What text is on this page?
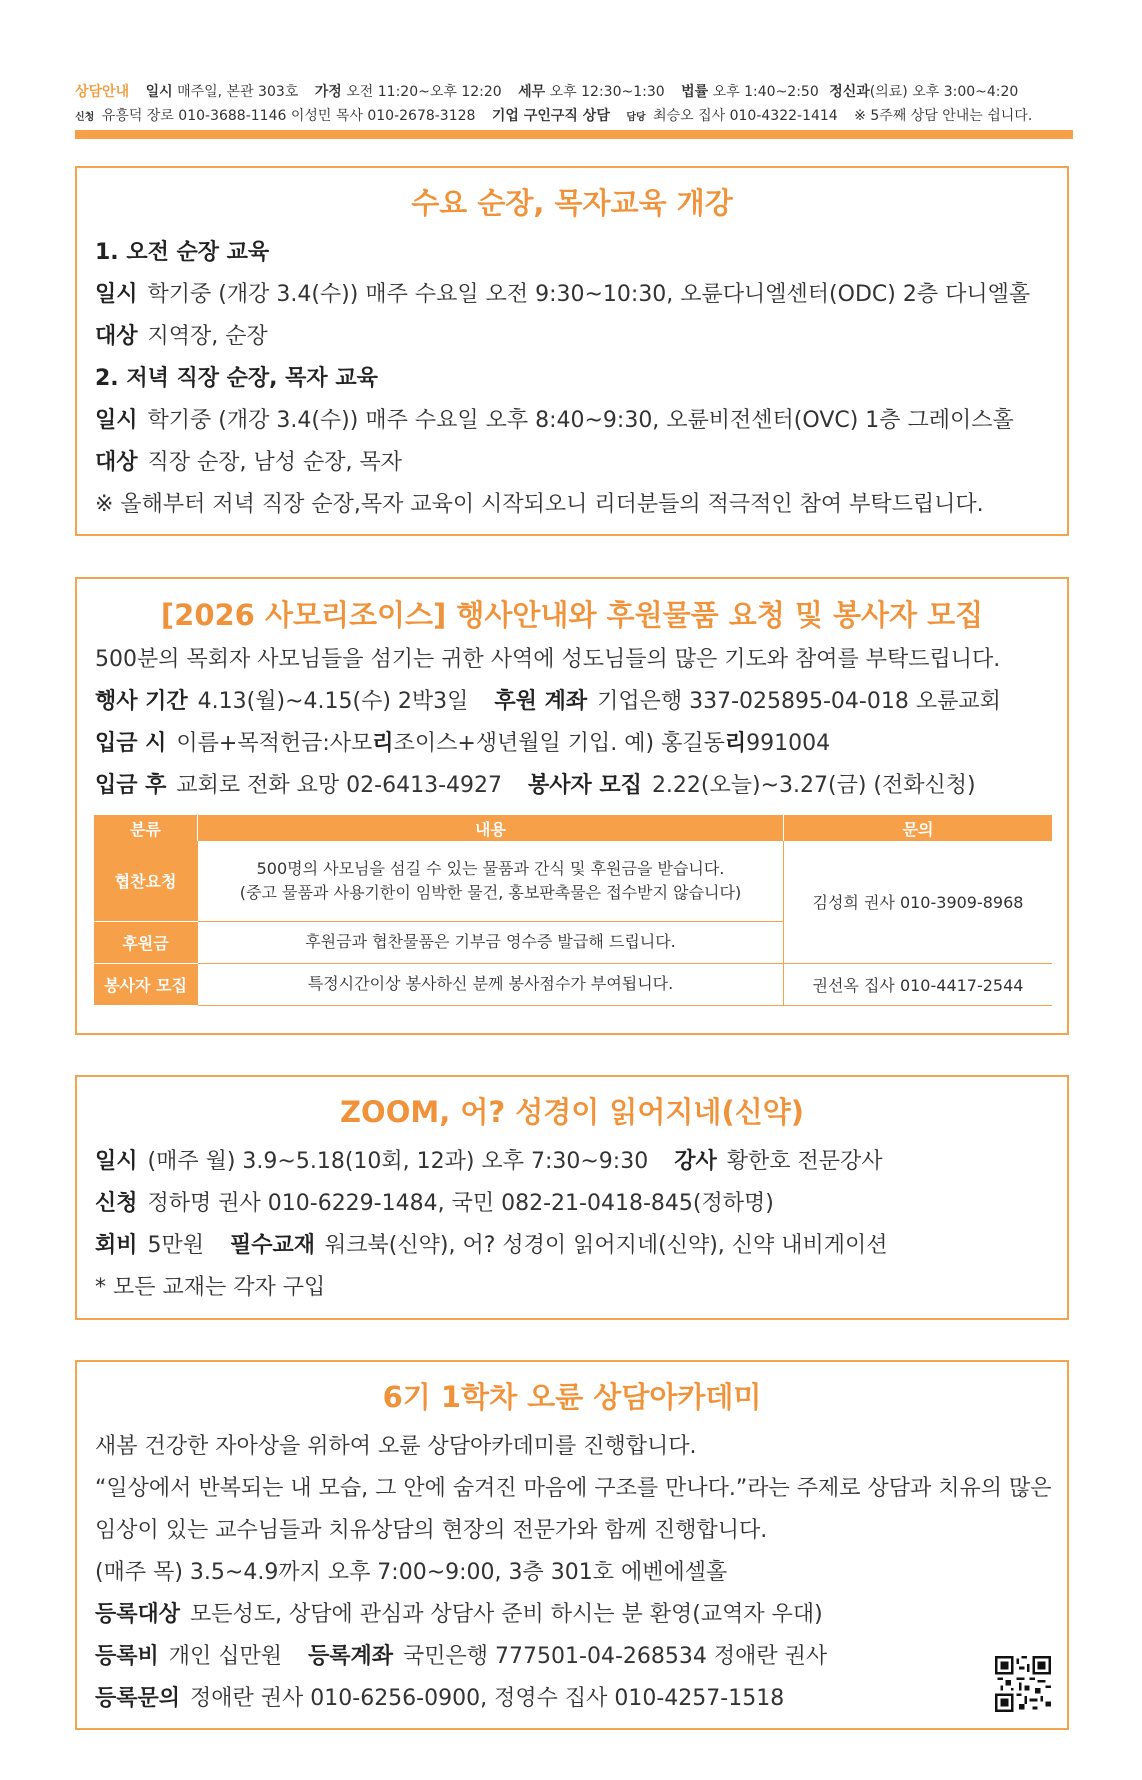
상담안내 일시 매주일, 본관 303호 가정 오전 11:20~오후 12:20 세무 오후 12:30~1:30 법률 오후 1:40~2:50 정신과(의료) 오후 3:00~4:20
신청 유흥덕 장로 010-3688-1146 이성민 목사 010-2678-3128 기업 구인구직 상담 담당 최승오 집사 010-4322-1414 ※ 5주째 상담 안내는 쉽니다.
수요 순장, 목자교육 개강
1. 오전 순장 교육
일시 학기중 (개강 3.4(수)) 매주 수요일 오전 9:30~10:30, 오륜다니엘센터(ODC) 2층 다니엘홀
대상 지역장, 순장
2. 저녁 직장 순장, 목자 교육
일시 학기중 (개강 3.4(수)) 매주 수요일 오후 8:40~9:30, 오륜비전센터(OVC) 1층 그레이스홀
대상 직장 순장, 남성 순장, 목자
※ 올해부터 저녁 직장 순장,목자 교육이 시작되오니 리더분들의 적극적인 참여 부탁드립니다.
[2026 사모리조이스] 행사안내와 후원물품 요청 및 봉사자 모집
500분의 목회자 사모님들을 섬기는 귀한 사역에 성도님들의 많은 기도와 참여를 부탁드립니다.
행사 기간 4.13(월)~4.15(수) 2박3일 후원 계좌 기업은행 337-025895-04-018 오륜교회
입금 시 이름+목적헌금:사모리조이스+생년월일 기입. 예) 홍길동리991004
입금 후 교회로 전화 요망 02-6413-4927 봉사자 모집 2.22(오늘)~3.27(금) (전화신청)
분류	내용	문의
협찬요청	500명의 사모님을 섬길 수 있는 물품과 간식 및 후원금을 받습니다.
(중고 물품과 사용기한이 임박한 물건, 홍보판촉물은 접수받지 않습니다)	김성희 권사 010-3909-8968
후원금	후원금과 협찬물품은 기부금 영수증 발급해 드립니다.	
봉사자 모집	특정시간이상 봉사하신 분께 봉사점수가 부여됩니다.	권선옥 집사 010-4417-2544
ZOOM, 어? 성경이 읽어지네(신약)
일시 (매주 월) 3.9~5.18(10회, 12과) 오후 7:30~9:30 강사 황한호 전문강사
신청 정하명 권사 010-6229-1484, 국민 082-21-0418-845(정하명)
회비 5만원 필수교재 워크북(신약), 어? 성경이 읽어지네(신약), 신약 내비게이션
* 모든 교재는 각자 구입
6기 1학차 오륜 상담아카데미
새봄 건강한 자아상을 위하여 오륜 상담아카데미를 진행합니다.
“일상에서 반복되는 내 모습, 그 안에 숨겨진 마음에 구조를 만나다.”라는 주제로 상담과 치유의 많은
임상이 있는 교수님들과 치유상담의 현장의 전문가와 함께 진행합니다.
(매주 목) 3.5~4.9까지 오후 7:00~9:00, 3층 301호 에벤에셀홀
등록대상 모든성도, 상담에 관심과 상담사 준비 하시는 분 환영(교역자 우대)
등록비 개인 십만원 등록계좌 국민은행 777501-04-268534 정애란 권사
등록문의 정애란 권사 010-6256-0900, 정영수 집사 010-4257-1518
